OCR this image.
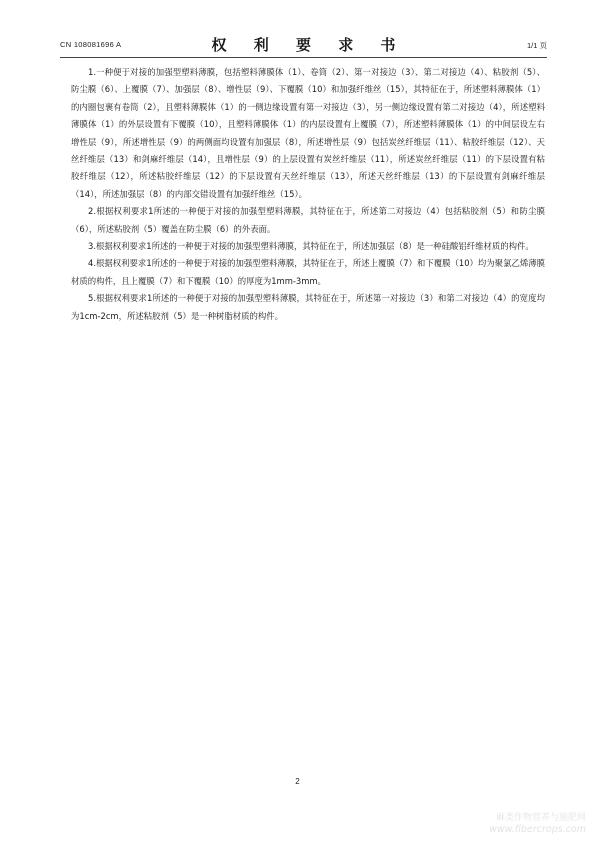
CN 108081696 A	权 利 要 求 书	1/1 页

1.一种便于对接的加强型塑料薄膜，包括塑料薄膜体（1）、卷筒（2）、第一对接边（3）、第二对接边（4）、粘胶剂（5）、防尘膜（6）、上覆膜（7）、加强层（8）、增性层（9）、下覆膜（10）和加强纤维丝（15），其特征在于，所述塑料薄膜体（1）的内圈包裹有卷筒（2），且塑料薄膜体（1）的一侧边缘设置有第一对接边（3），另一侧边缘设置有第二对接边（4），所述塑料薄膜体（1）的外层设置有下覆膜（10），且塑料薄膜体（1）的内层设置有上覆膜（7），所述塑料薄膜体（1）的中间层设左右增性层（9），所述增性层（9）的两侧面均设置有加强层（8），所述增性层（9）包括炭丝纤维层（11）、粘胶纤维层（12）、天丝纤维层（13）和剑麻纤维层（14），且增性层（9）的上层设置有炭丝纤维层（11），所述炭丝纤维层（11）的下层设置有粘胶纤维层（12），所述粘胶纤维层（12）的下层设置有天丝纤维层（13），所述天丝纤维层（13）的下层设置有剑麻纤维层（14），所述加强层（8）的内部交错设置有加强纤维丝（15）。

2.根据权利要求1所述的一种便于对接的加强型塑料薄膜，其特征在于，所述第二对接边（4）包括粘胶剂（5）和防尘膜（6），所述粘胶剂（5）覆盖在防尘膜（6）的外表面。

3.根据权利要求1所述的一种便于对接的加强型塑料薄膜，其特征在于，所述加强层（8）是一种硅酸铝纤维材质的构件。

4.根据权利要求1所述的一种便于对接的加强型塑料薄膜，其特征在于，所述上覆膜（7）和下覆膜（10）均为聚氯乙烯薄膜材质的构件，且上覆膜（7）和下覆膜（10）的厚度为1mm-3mm。

5.根据权利要求1所述的一种便于对接的加强型塑料薄膜，其特征在于，所述第一对接边（3）和第二对接边（4）的宽度均为1cm-2cm，所述粘胶剂（5）是一种树脂材质的构件。

2
麻类作物营养与施肥网
www.fibercrops.com
